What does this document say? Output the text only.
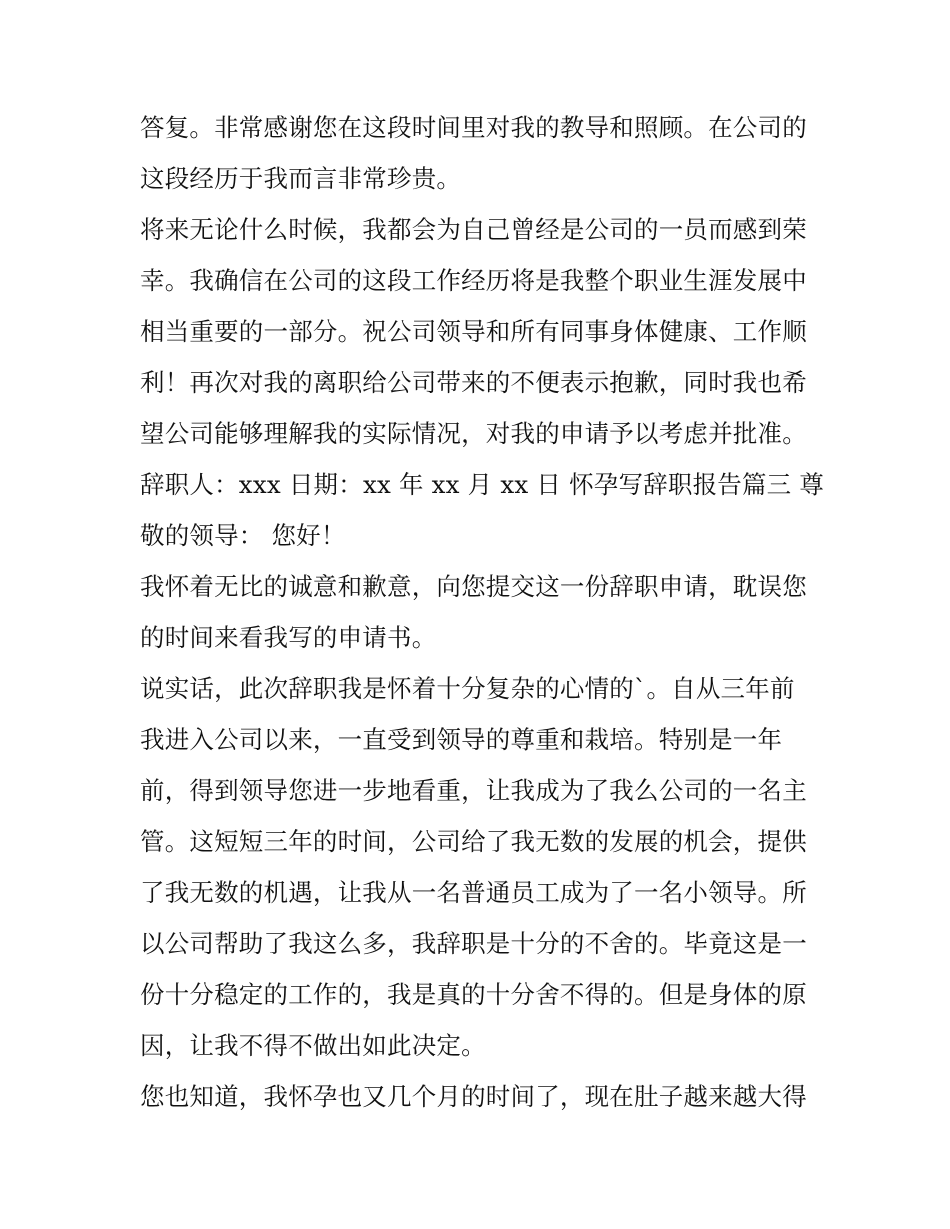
答复。非常感谢您在这段时间里对我的教导和照顾。在公司的
这段经历于我而言非常珍贵。
将来无论什么时候，我都会为自己曾经是公司的一员而感到荣
幸。我确信在公司的这段工作经历将是我整个职业生涯发展中
相当重要的一部分。祝公司领导和所有同事身体健康、工作顺
利！再次对我的离职给公司带来的不便表示抱歉，同时我也希
望公司能够理解我的实际情况，对我的申请予以考虑并批准。
辞职人：xxx 日期：xx 年 xx 月 xx 日 怀孕写辞职报告篇三 尊
敬的领导： 您好！
我怀着无比的诚意和歉意，向您提交这一份辞职申请，耽误您
的时间来看我写的申请书。
说实话，此次辞职我是怀着十分复杂的心情的`。自从三年前
我进入公司以来，一直受到领导的尊重和栽培。特别是一年
前，得到领导您进一步地看重，让我成为了我么公司的一名主
管。这短短三年的时间，公司给了我无数的发展的机会，提供
了我无数的机遇，让我从一名普通员工成为了一名小领导。所
以公司帮助了我这么多，我辞职是十分的不舍的。毕竟这是一
份十分稳定的工作的，我是真的十分舍不得的。但是身体的原
因，让我不得不做出如此决定。
您也知道，我怀孕也又几个月的时间了，现在肚子越来越大得
